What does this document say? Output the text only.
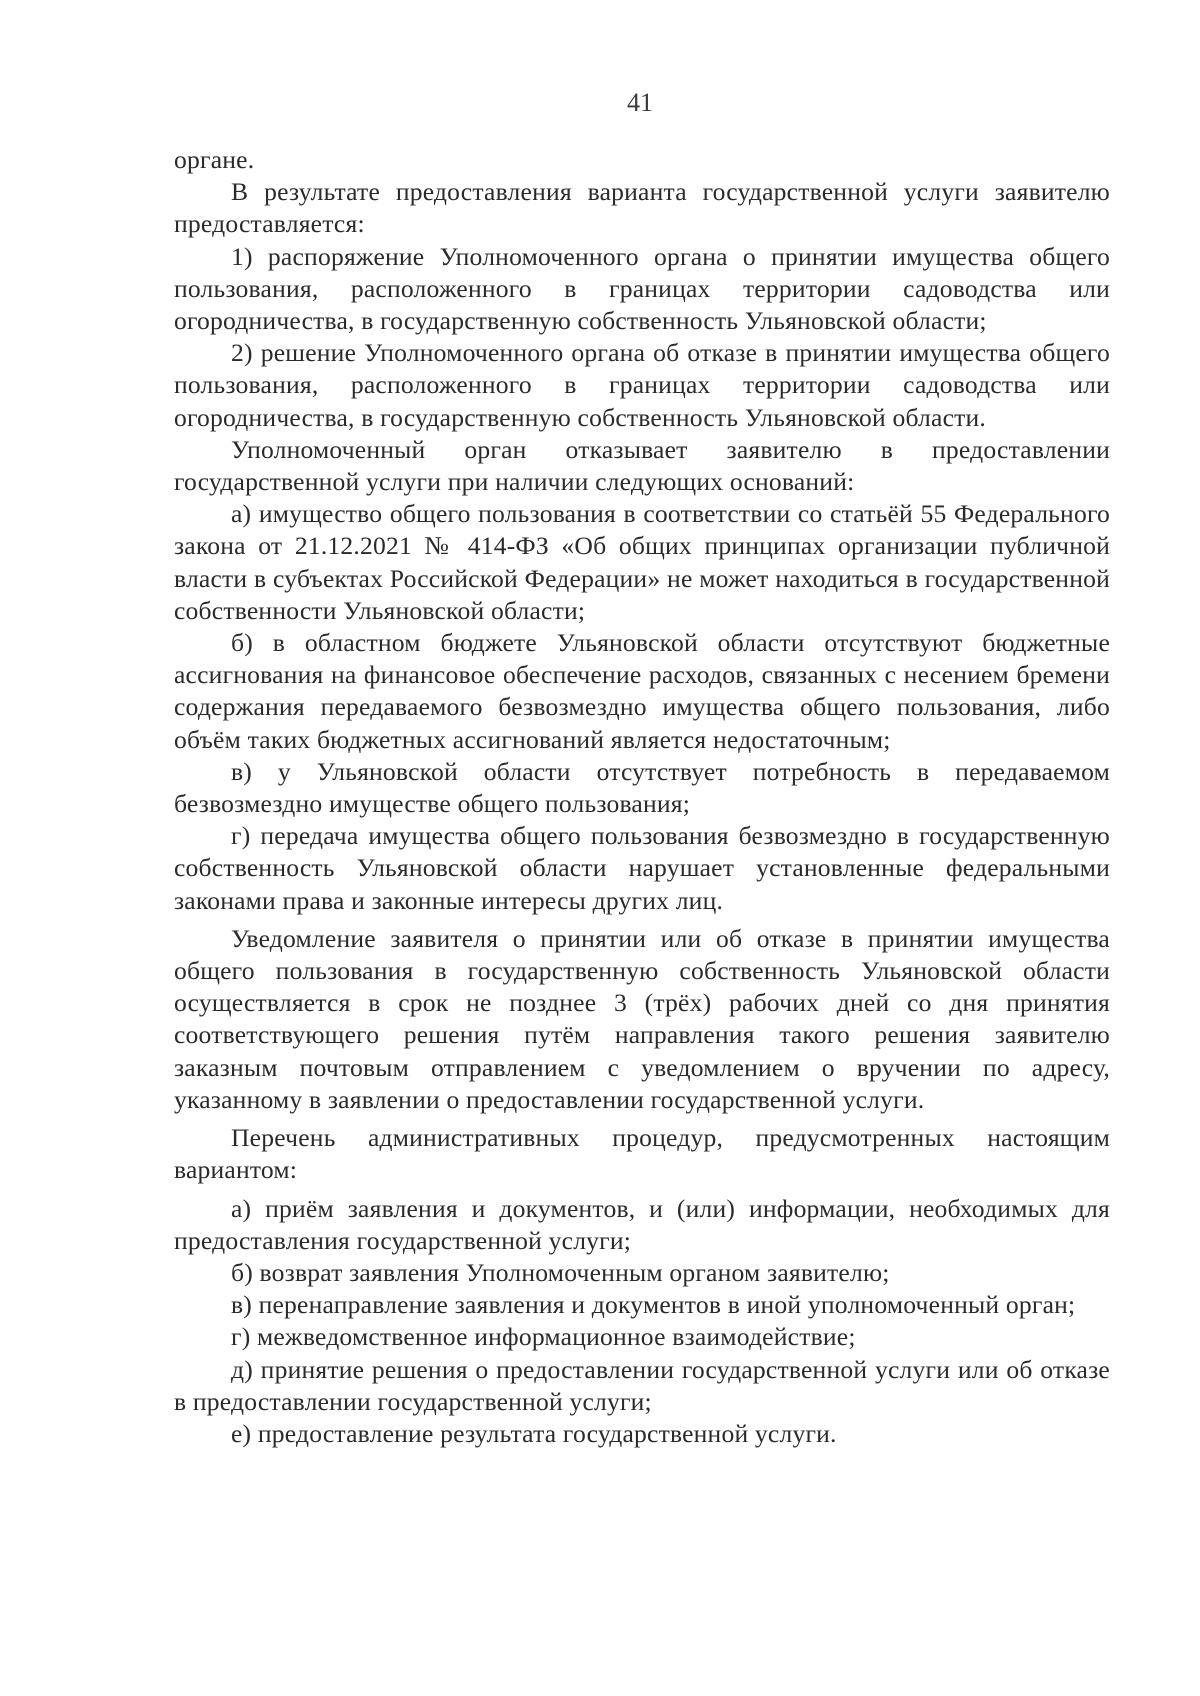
41

органе.

В результате предоставления варианта государственной услуги заявителю предоставляется:

1) распоряжение Уполномоченного органа о принятии имущества общего пользования, расположенного в границах территории садоводства или огородничества, в государственную собственность Ульяновской области;

2) решение Уполномоченного органа об отказе в принятии имущества общего пользования, расположенного в границах территории садоводства или огородничества, в государственную собственность Ульяновской области.

Уполномоченный орган отказывает заявителю в предоставлении государственной услуги при наличии следующих оснований:

а) имущество общего пользования в соответствии со статьёй 55 Федерального закона от 21.12.2021 № 414-ФЗ «Об общих принципах организации публичной власти в субъектах Российской Федерации» не может находиться в государственной собственности Ульяновской области;

б) в областном бюджете Ульяновской области отсутствуют бюджетные ассигнования на финансовое обеспечение расходов, связанных с несением бремени содержания передаваемого безвозмездно имущества общего пользования, либо объём таких бюджетных ассигнований является недостаточным;

в) у Ульяновской области отсутствует потребность в передаваемом безвозмездно имуществе общего пользования;

г) передача имущества общего пользования безвозмездно в государственную собственность Ульяновской области нарушает установленные федеральными законами права и законные интересы других лиц.

Уведомление заявителя о принятии или об отказе в принятии имущества общего пользования в государственную собственность Ульяновской области осуществляется в срок не позднее 3 (трёх) рабочих дней со дня принятия соответствующего решения путём направления такого решения заявителю заказным почтовым отправлением с уведомлением о вручении по адресу, указанному в заявлении о предоставлении государственной услуги.

Перечень административных процедур, предусмотренных настоящим вариантом:

а) приём заявления и документов, и (или) информации, необходимых для предоставления государственной услуги;

б) возврат заявления Уполномоченным органом заявителю;

в) перенаправление заявления и документов в иной уполномоченный орган;

г) межведомственное информационное взаимодействие;

д) принятие решения о предоставлении государственной услуги или об отказе в предоставлении государственной услуги;

е) предоставление результата государственной услуги.
